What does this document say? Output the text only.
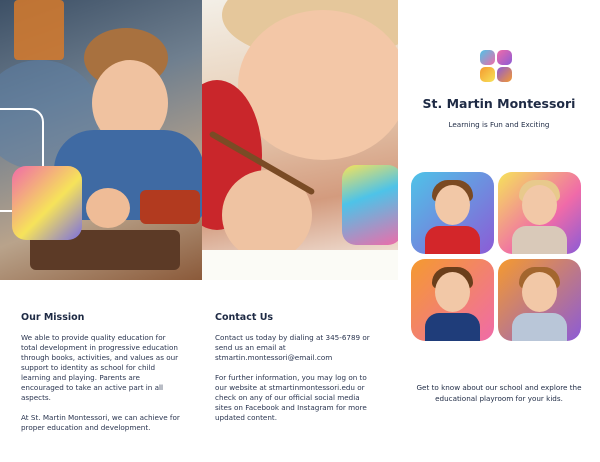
Our Mission

We able to provide quality education for total development in progressive education through books, activities, and values as our support to identity as school for child learning and playing. Parents are encouraged to take an active part in all aspects.

At St. Martin Montessori, we can achieve for proper education and development.

Contact Us

Contact us today by dialing at 345-6789 or send us an email at stmartin.montessori@email.com

For further information, you may log on to our website at stmartinmontessori.edu or check on any of our official social media sites on Facebook and Instagram for more updated content.

St. Martin Montessori
Learning is Fun and Exciting
Get to know about our school and explore the educational playroom for your kids.
